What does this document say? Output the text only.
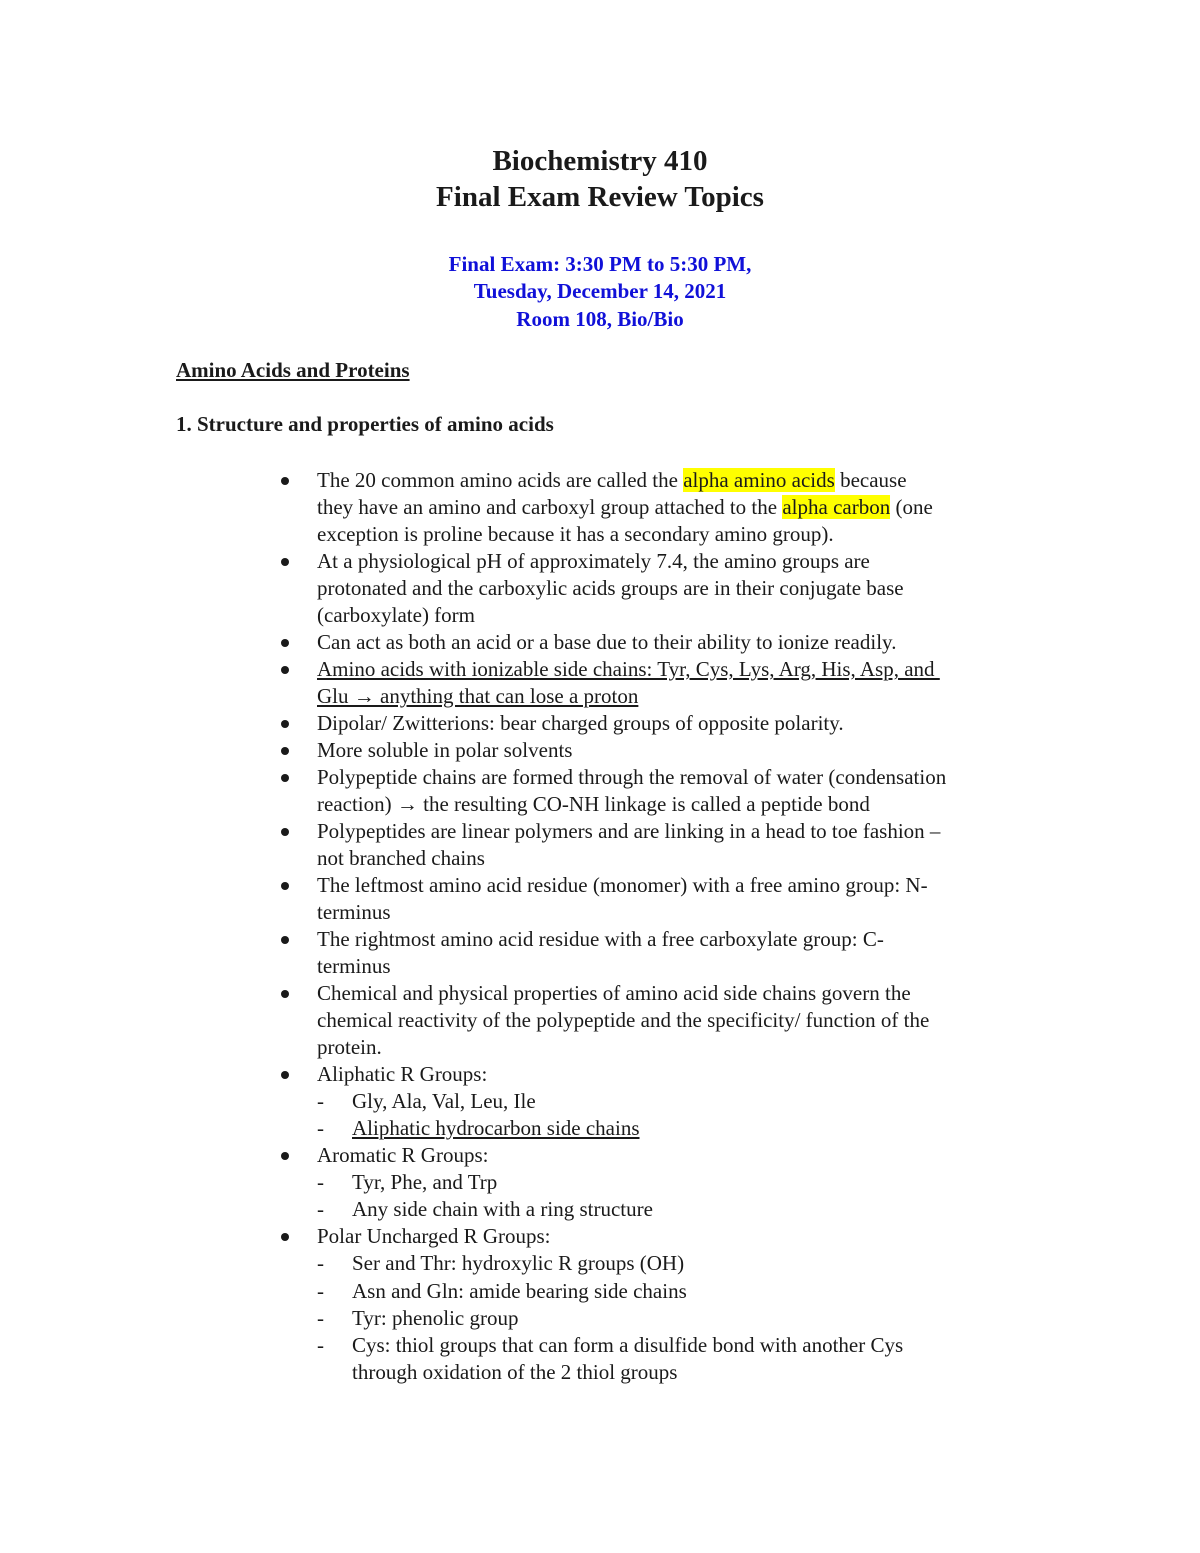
Biochemistry 410
Final Exam Review Topics
Final Exam: 3:30 PM to 5:30 PM,
Tuesday, December 14, 2021
Room 108, Bio/Bio
Amino Acids and Proteins
1. Structure and properties of amino acids
The 20 common amino acids are called the alpha amino acids because
they have an amino and carboxyl group attached to the alpha carbon (one
exception is proline because it has a secondary amino group).
At a physiological pH of approximately 7.4, the amino groups are
protonated and the carboxylic acids groups are in their conjugate base
(carboxylate) form
Can act as both an acid or a base due to their ability to ionize readily.
Amino acids with ionizable side chains: Tyr, Cys, Lys, Arg, His, Asp, and
Glu → anything that can lose a proton
Dipolar/ Zwitterions: bear charged groups of opposite polarity.
More soluble in polar solvents
Polypeptide chains are formed through the removal of water (condensation
reaction) → the resulting CO-NH linkage is called a peptide bond
Polypeptides are linear polymers and are linking in a head to toe fashion –
not branched chains
The leftmost amino acid residue (monomer) with a free amino group: N-
terminus
The rightmost amino acid residue with a free carboxylate group: C-
terminus
Chemical and physical properties of amino acid side chains govern the
chemical reactivity of the polypeptide and the specificity/ function of the
protein.
Aliphatic R Groups:
- Gly, Ala, Val, Leu, Ile
- Aliphatic hydrocarbon side chains
Aromatic R Groups:
- Tyr, Phe, and Trp
- Any side chain with a ring structure
Polar Uncharged R Groups:
- Ser and Thr: hydroxylic R groups (OH)
- Asn and Gln: amide bearing side chains
- Tyr: phenolic group
- Cys: thiol groups that can form a disulfide bond with another Cys
through oxidation of the 2 thiol groups
